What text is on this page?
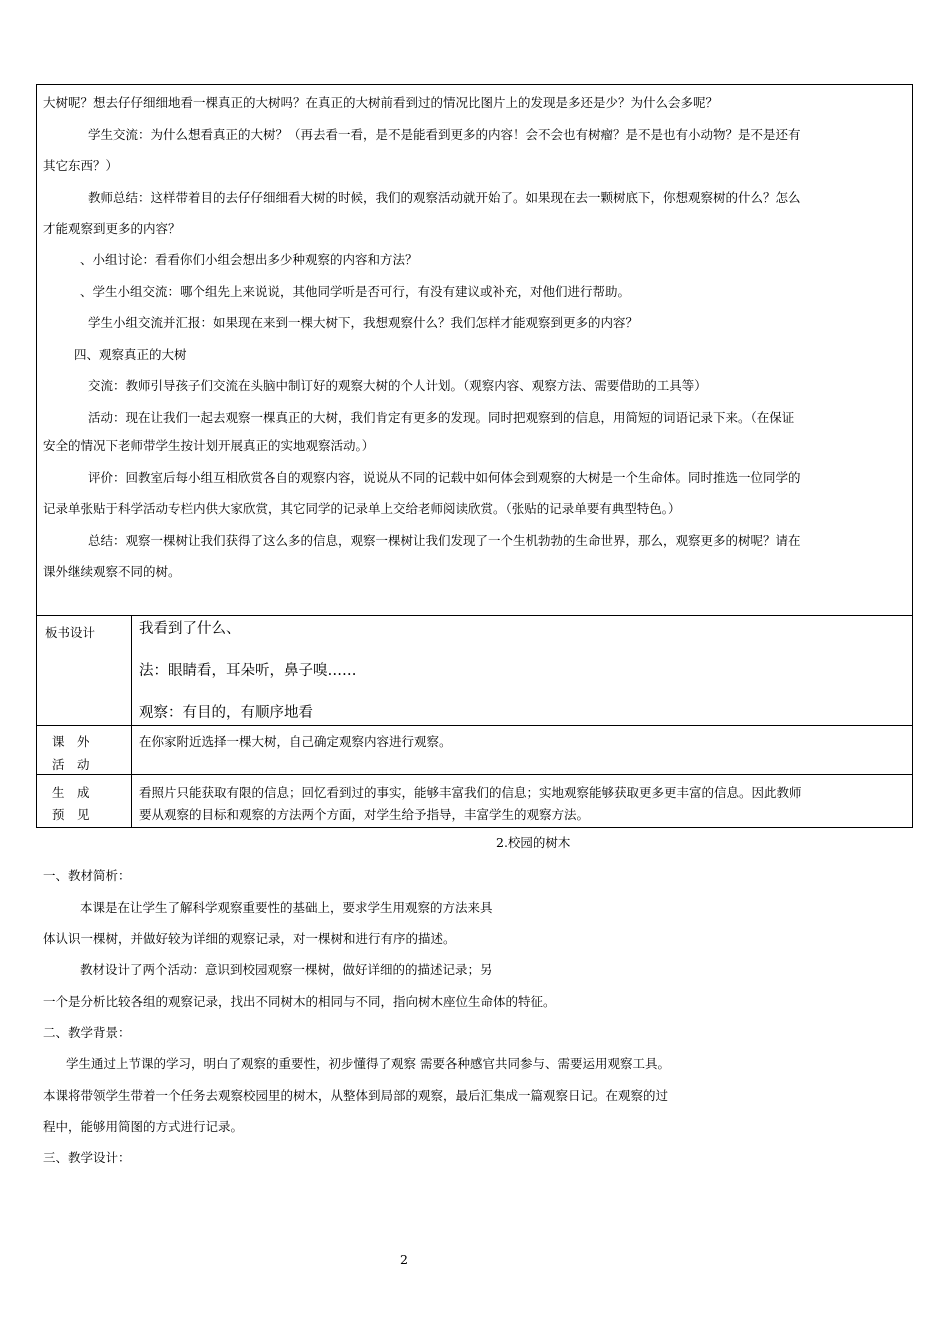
大树呢？想去仔仔细细地看一棵真正的大树吗？在真正的大树前看到过的情况比图片上的发现是多还是少？为什么会多呢？
学生交流：为什么想看真正的大树？（再去看一看，是不是能看到更多的内容！会不会也有树瘤？是不是也有小动物？是不是还有
其它东西？）
教师总结：这样带着目的去仔仔细细看大树的时候，我们的观察活动就开始了。如果现在去一颗树底下，你想观察树的什么？怎么
才能观察到更多的内容？
、小组讨论：看看你们小组会想出多少种观察的内容和方法？
、学生小组交流：哪个组先上来说说，其他同学听是否可行，有没有建议或补充，对他们进行帮助。
学生小组交流并汇报：如果现在来到一棵大树下，我想观察什么？我们怎样才能观察到更多的内容？
四、观察真正的大树
交流：教师引导孩子们交流在头脑中制订好的观察大树的个人计划。（观察内容、观察方法、需要借助的工具等）
活动：现在让我们一起去观察一棵真正的大树，我们肯定有更多的发现。同时把观察到的信息，用简短的词语记录下来。（在保证
安全的情况下老师带学生按计划开展真正的实地观察活动。）
评价：回教室后每小组互相欣赏各自的观察内容，说说从不同的记载中如何体会到观察的大树是一个生命体。同时推选一位同学的
记录单张贴于科学活动专栏内供大家欣赏，其它同学的记录单上交给老师阅读欣赏。（张贴的记录单要有典型特色。）
总结：观察一棵树让我们获得了这么多的信息，观察一棵树让我们发现了一个生机勃勃的生命世界，那么，观察更多的树呢？请在
课外继续观察不同的树。
板书设计	我看到了什么、
法：眼睛看，耳朵听，鼻子嗅……
观察：有目的，有顺序地看
课　外
活　动
在你家附近选择一棵大树，自己确定观察内容进行观察。
生　成
预　见
看照片只能获取有限的信息；回忆看到过的事实，能够丰富我们的信息；实地观察能够获取更多更丰富的信息。因此教师
要从观察的目标和观察的方法两个方面，对学生给予指导，丰富学生的观察方法。
2.校园的树木
一、教材简析：
本课是在让学生了解科学观察重要性的基础上，要求学生用观察的方法来具
体认识一棵树，并做好较为详细的观察记录，对一棵树和进行有序的描述。
教材设计了两个活动：意识到校园观察一棵树，做好详细的的描述记录；另
一个是分析比较各组的观察记录，找出不同树木的相同与不同，指向树木座位生命体的特征。
二、教学背景：
学生通过上节课的学习，明白了观察的重要性，初步懂得了观察 需要各种感官共同参与、需要运用观察工具。
本课将带领学生带着一个任务去观察校园里的树木，从整体到局部的观察，最后汇集成一篇观察日记。在观察的过
程中，能够用简图的方式进行记录。
三、教学设计：
2
